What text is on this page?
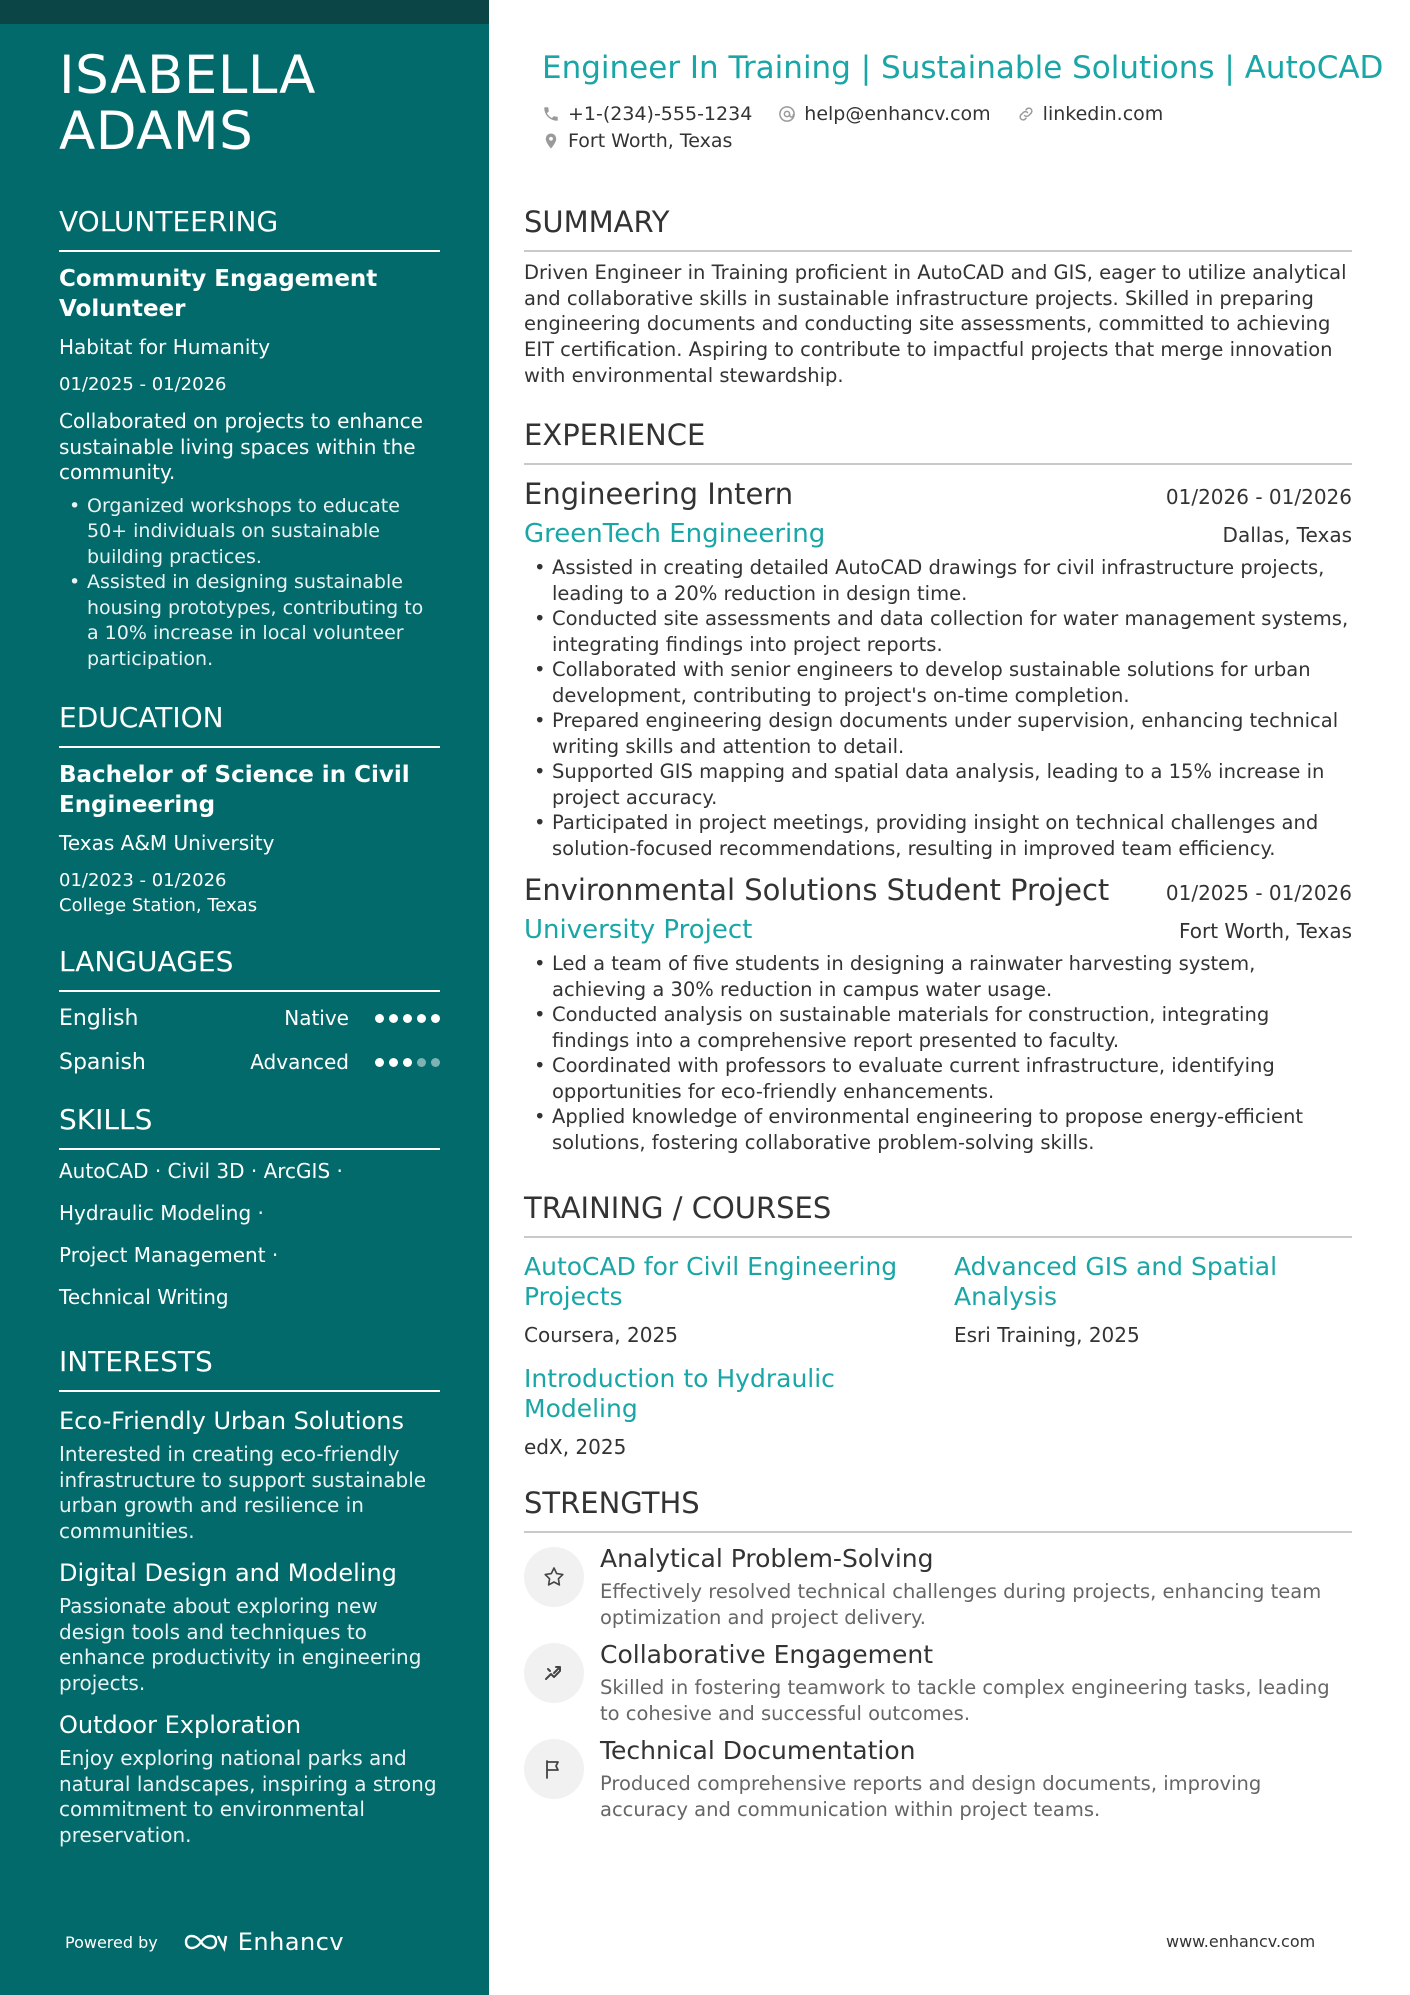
ISABELLA
ADAMS
VOLUNTEERING
Community Engagement Volunteer
Habitat for Humanity
01/2025 - 01/2026
Collaborated on projects to enhance sustainable living spaces within the community.
• Organized workshops to educate 50+ individuals on sustainable building practices.
• Assisted in designing sustainable housing prototypes, contributing to a 10% increase in local volunteer participation.
EDUCATION
Bachelor of Science in Civil Engineering
Texas A&M University
01/2023 - 01/2026
College Station, Texas
LANGUAGES
English	Native
Spanish	Advanced
SKILLS
AutoCAD · Civil 3D · ArcGIS ·
Hydraulic Modeling ·
Project Management ·
Technical Writing
INTERESTS
Eco-Friendly Urban Solutions
Interested in creating eco-friendly infrastructure to support sustainable urban growth and resilience in communities.
Digital Design and Modeling
Passionate about exploring new design tools and techniques to enhance productivity in engineering projects.
Outdoor Exploration
Enjoy exploring national parks and natural landscapes, inspiring a strong commitment to environmental preservation.
Powered by	Enhancv
Engineer In Training | Sustainable Solutions | AutoCAD
+1-(234)-555-1234	help@enhancv.com	linkedin.com
Fort Worth, Texas
SUMMARY
Driven Engineer in Training proficient in AutoCAD and GIS, eager to utilize analytical and collaborative skills in sustainable infrastructure projects. Skilled in preparing engineering documents and conducting site assessments, committed to achieving EIT certification. Aspiring to contribute to impactful projects that merge innovation with environmental stewardship.
EXPERIENCE
Engineering Intern	01/2026 - 01/2026
GreenTech Engineering	Dallas, Texas
• Assisted in creating detailed AutoCAD drawings for civil infrastructure projects, leading to a 20% reduction in design time.
• Conducted site assessments and data collection for water management systems, integrating findings into project reports.
• Collaborated with senior engineers to develop sustainable solutions for urban development, contributing to project's on-time completion.
• Prepared engineering design documents under supervision, enhancing technical writing skills and attention to detail.
• Supported GIS mapping and spatial data analysis, leading to a 15% increase in project accuracy.
• Participated in project meetings, providing insight on technical challenges and solution-focused recommendations, resulting in improved team efficiency.
Environmental Solutions Student Project	01/2025 - 01/2026
University Project	Fort Worth, Texas
• Led a team of five students in designing a rainwater harvesting system, achieving a 30% reduction in campus water usage.
• Conducted analysis on sustainable materials for construction, integrating findings into a comprehensive report presented to faculty.
• Coordinated with professors to evaluate current infrastructure, identifying opportunities for eco-friendly enhancements.
• Applied knowledge of environmental engineering to propose energy-efficient solutions, fostering collaborative problem-solving skills.
TRAINING / COURSES
AutoCAD for Civil Engineering Projects
Coursera, 2025
Advanced GIS and Spatial Analysis
Esri Training, 2025
Introduction to Hydraulic Modeling
edX, 2025
STRENGTHS
Analytical Problem-Solving
Effectively resolved technical challenges during projects, enhancing team optimization and project delivery.
Collaborative Engagement
Skilled in fostering teamwork to tackle complex engineering tasks, leading to cohesive and successful outcomes.
Technical Documentation
Produced comprehensive reports and design documents, improving accuracy and communication within project teams.
www.enhancv.com
